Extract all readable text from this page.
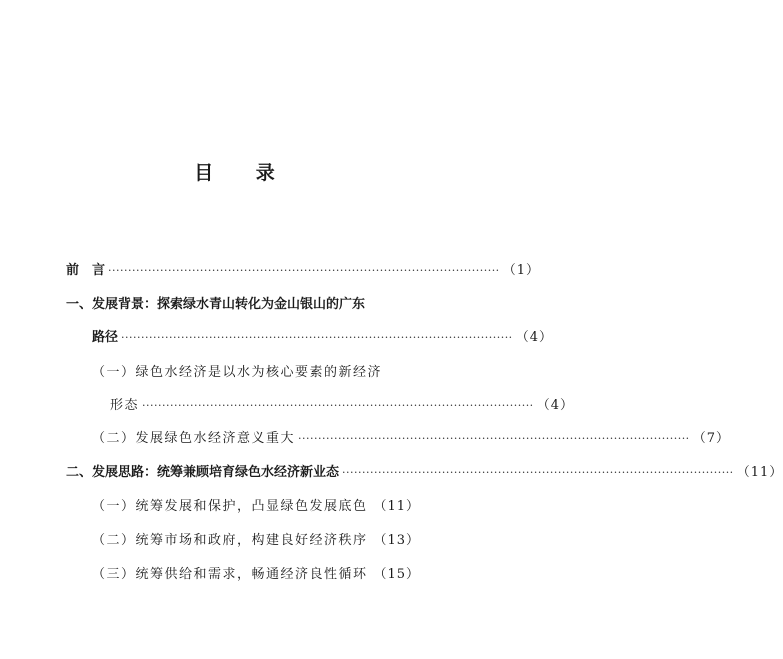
目 录
前　言 ·································································································· （1）
一、发展背景：探索绿水青山转化为金山银山的广东
路径 ·································································································· （4）
（一）绿色水经济是以水为核心要素的新经济
形态 ·································································································· （4）
（二）发展绿色水经济意义重大 ·································································································· （7）
二、发展思路：统筹兼顾培育绿色水经济新业态 ·································································································· （11）
（一）统筹发展和保护，凸显绿色发展底色 （11）
（二）统筹市场和政府，构建良好经济秩序 （13）
（三）统筹供给和需求，畅通经济良性循环 （15）
